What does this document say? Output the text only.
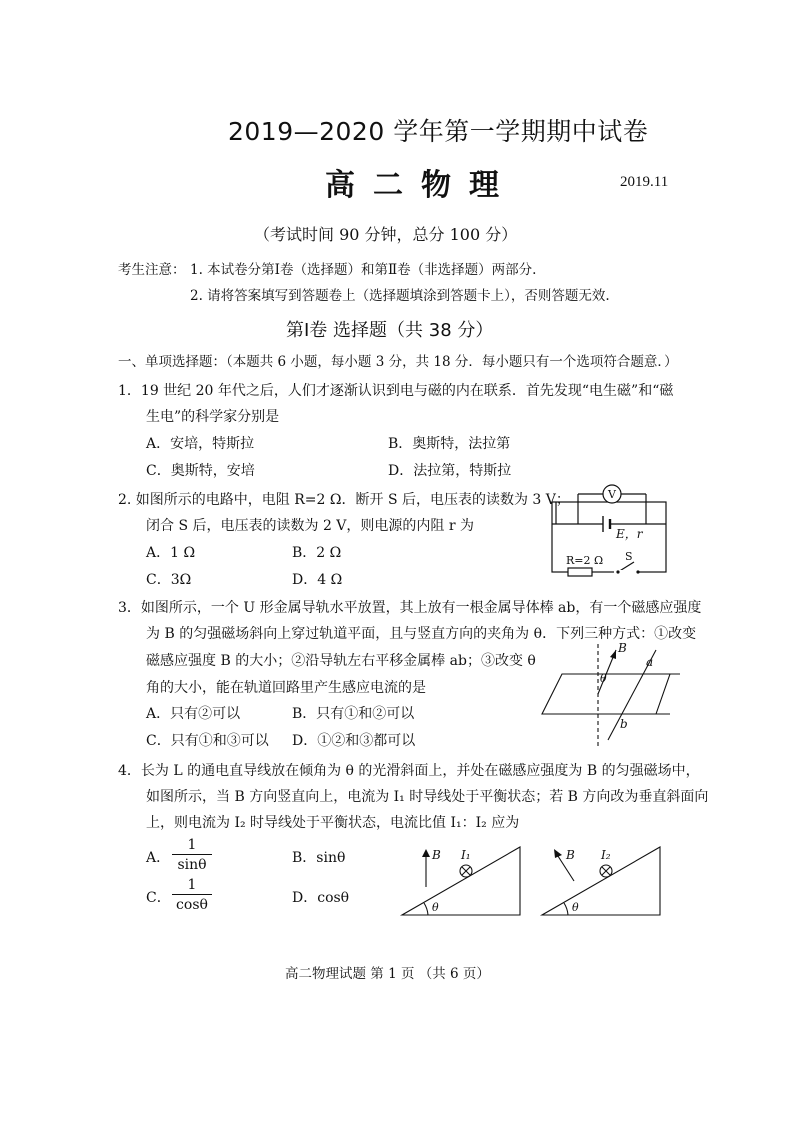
2019—2020 学年第一学期期中试卷
高二物理	2019.11
（考试时间 90 分钟，总分 100 分）
考生注意： 1. 本试卷分第Ⅰ卷（选择题）和第Ⅱ卷（非选择题）两部分.
2. 请将答案填写到答题卷上（选择题填涂到答题卡上），否则答题无效.
第Ⅰ卷 选择题（共 38 分）
一、单项选择题：（本题共 6 小题，每小题 3 分，共 18 分．每小题只有一个选项符合题意．）
1．19 世纪 20 年代之后，人们才逐渐认识到电与磁的内在联系．首先发现“电生磁”和“磁
生电”的科学家分别是
A．安培，特斯拉	B．奥斯特，法拉第
C．奥斯特，安培	D．法拉第，特斯拉
2. 如图所示的电路中，电阻 R=2 Ω．断开 S 后，电压表的读数为 3 V；
闭合 S 后，电压表的读数为 2 V，则电源的内阻 r 为
A．1 Ω	B．2 Ω
C．3Ω	D．4 Ω
V
E，r
R=2 Ω S
3．如图所示，一个 U 形金属导轨水平放置，其上放有一根金属导体棒 ab，有一个磁感应强度
为 B 的匀强磁场斜向上穿过轨道平面，且与竖直方向的夹角为 θ．下列三种方式：①改变
磁感应强度 B 的大小；②沿导轨左右平移金属棒 ab；③改变 θ
角的大小，能在轨道回路里产生感应电流的是
A．只有②可以	B．只有①和②可以
C．只有①和③可以 D．①②和③都可以
B
a
b
θ
4．长为 L 的通电直导线放在倾角为 θ 的光滑斜面上，并处在磁感应强度为 B 的匀强磁场中，
如图所示，当 B 方向竖直向上，电流为 I₁ 时导线处于平衡状态；若 B 方向改为垂直斜面向
上，则电流为 I₂ 时导线处于平衡状态，电流比值 I₁：I₂ 应为
A． $\frac{1}{\sin\theta}$	B．sinθ
C． $\frac{1}{\cos\theta}$	D．cosθ
B I₁
θ
B I₂
θ
高二物理试题 第 1 页 （共 6 页）
